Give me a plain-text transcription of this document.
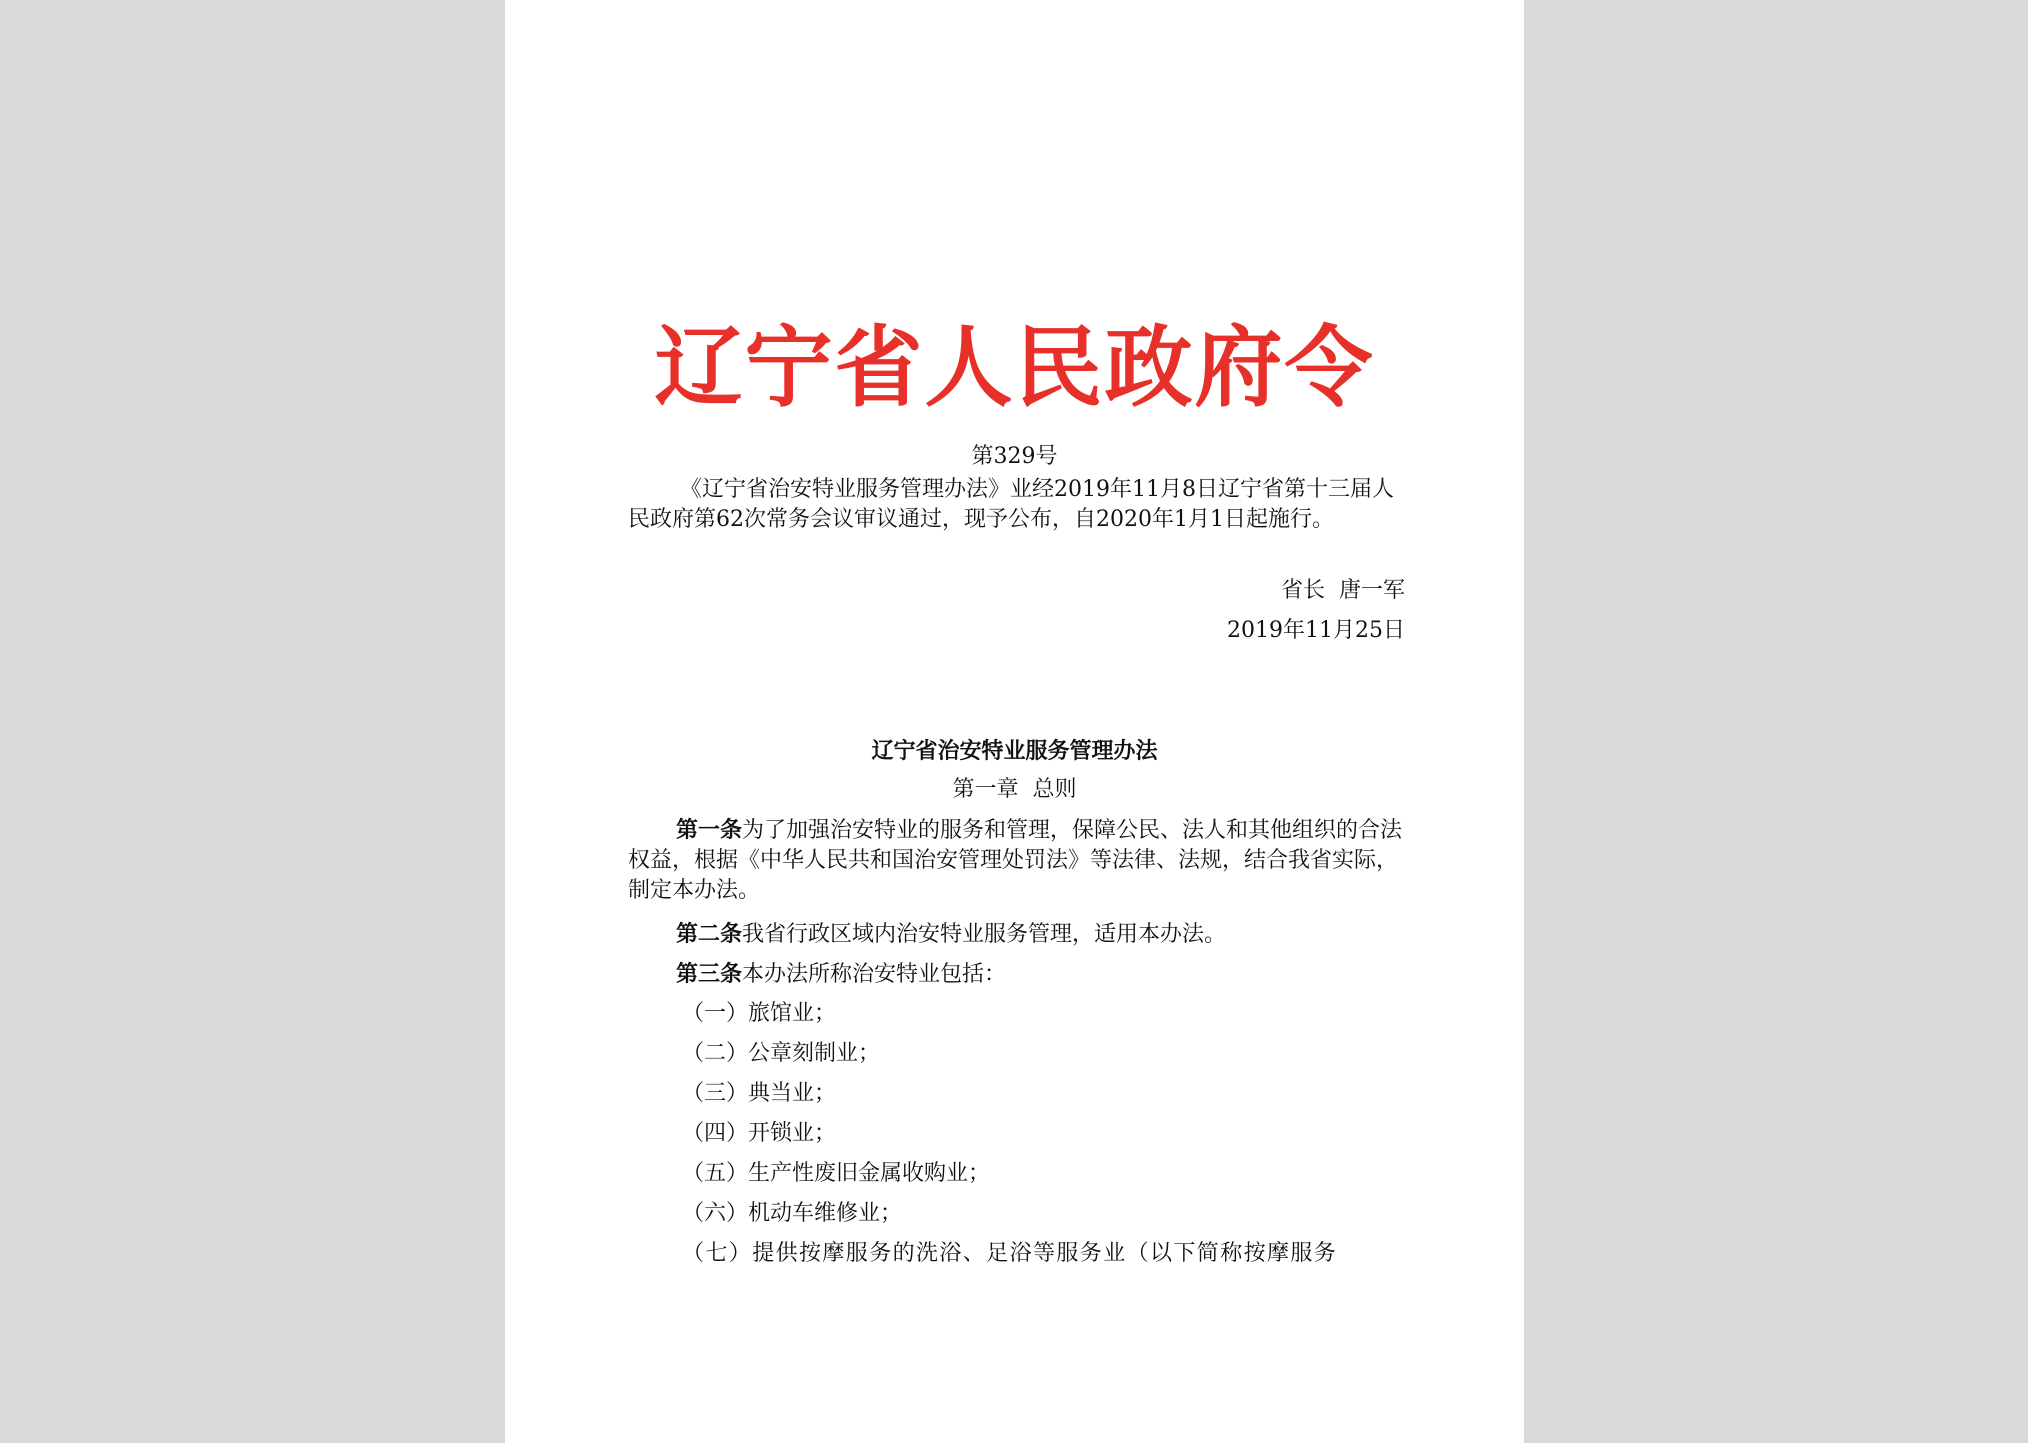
辽宁省人民政府令
第329号
《辽宁省治安特业服务管理办法》业经2019年11月8日辽宁省第十三届人民政府第62次常务会议审议通过，现予公布，自2020年1月1日起施行。
省长  唐一军
2019年11月25日
辽宁省治安特业服务管理办法
第一章  总则
第一条为了加强治安特业的服务和管理，保障公民、法人和其他组织的合法权益，根据《中华人民共和国治安管理处罚法》等法律、法规，结合我省实际，制定本办法。
第二条我省行政区域内治安特业服务管理，适用本办法。
第三条本办法所称治安特业包括：
（一）旅馆业；
（二）公章刻制业；
（三）典当业；
（四）开锁业；
（五）生产性废旧金属收购业；
（六）机动车维修业；
（七）提供按摩服务的洗浴、足浴等服务业（以下简称按摩服务
